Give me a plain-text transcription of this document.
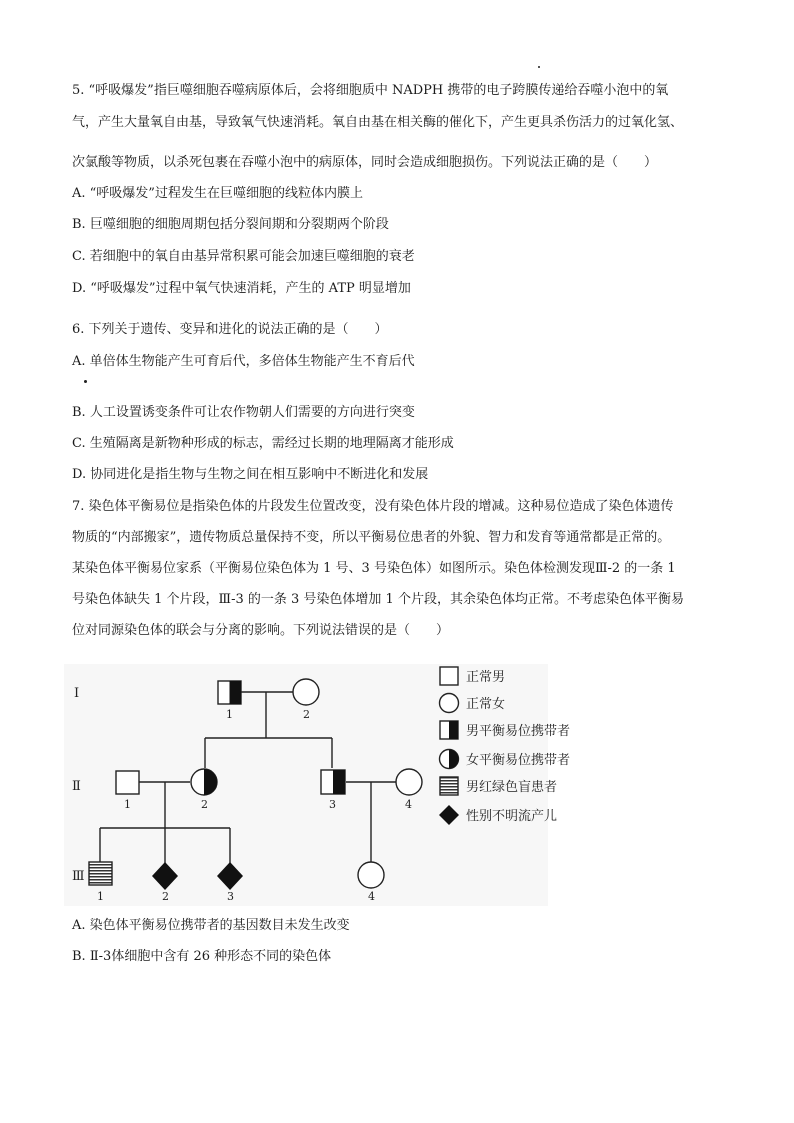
5. “呼吸爆发”指巨噬细胞吞噬病原体后，会将细胞质中 NADPH 携带的电子跨膜传递给吞噬小泡中的氧
气，产生大量氧自由基，导致氧气快速消耗。氧自由基在相关酶的催化下，产生更具杀伤活力的过氧化氢、
次氯酸等物质，以杀死包裹在吞噬小泡中的病原体，同时会造成细胞损伤。下列说法正确的是（　　）
A. “呼吸爆发”过程发生在巨噬细胞的线粒体内膜上
B. 巨噬细胞的细胞周期包括分裂间期和分裂期两个阶段
C. 若细胞中的氧自由基异常积累可能会加速巨噬细胞的衰老
D. “呼吸爆发”过程中氧气快速消耗，产生的 ATP 明显增加
6. 下列关于遗传、变异和进化的说法正确的是（　　）
A. 单倍体生物能产生可育后代，多倍体生物能产生不育后代
B. 人工设置诱变条件可让农作物朝人们需要的方向进行突变
C. 生殖隔离是新物种形成的标志，需经过长期的地理隔离才能形成
D. 协同进化是指生物与生物之间在相互影响中不断进化和发展
7. 染色体平衡易位是指染色体的片段发生位置改变，没有染色体片段的增减。这种易位造成了染色体遗传
物质的“内部搬家”，遗传物质总量保持不变，所以平衡易位患者的外貌、智力和发育等通常都是正常的。
某染色体平衡易位家系（平衡易位染色体为 1 号、3 号染色体）如图所示。染色体检测发现Ⅲ-2 的一条 1
号染色体缺失 1 个片段，Ⅲ-3 的一条 3 号染色体增加 1 个片段，其余染色体均正常。不考虑染色体平衡易
位对同源染色体的联会与分离的影响。下列说法错误的是（　　）
Ⅰ
Ⅱ
Ⅲ
1	2
1	2	3	4
1	2	3	4
正常男
正常女
男平衡易位携带者
女平衡易位携带者
男红绿色盲患者
性别不明流产儿
A. 染色体平衡易位携带者的基因数目未发生改变
B. Ⅱ-3体细胞中含有 26 种形态不同的染色体
